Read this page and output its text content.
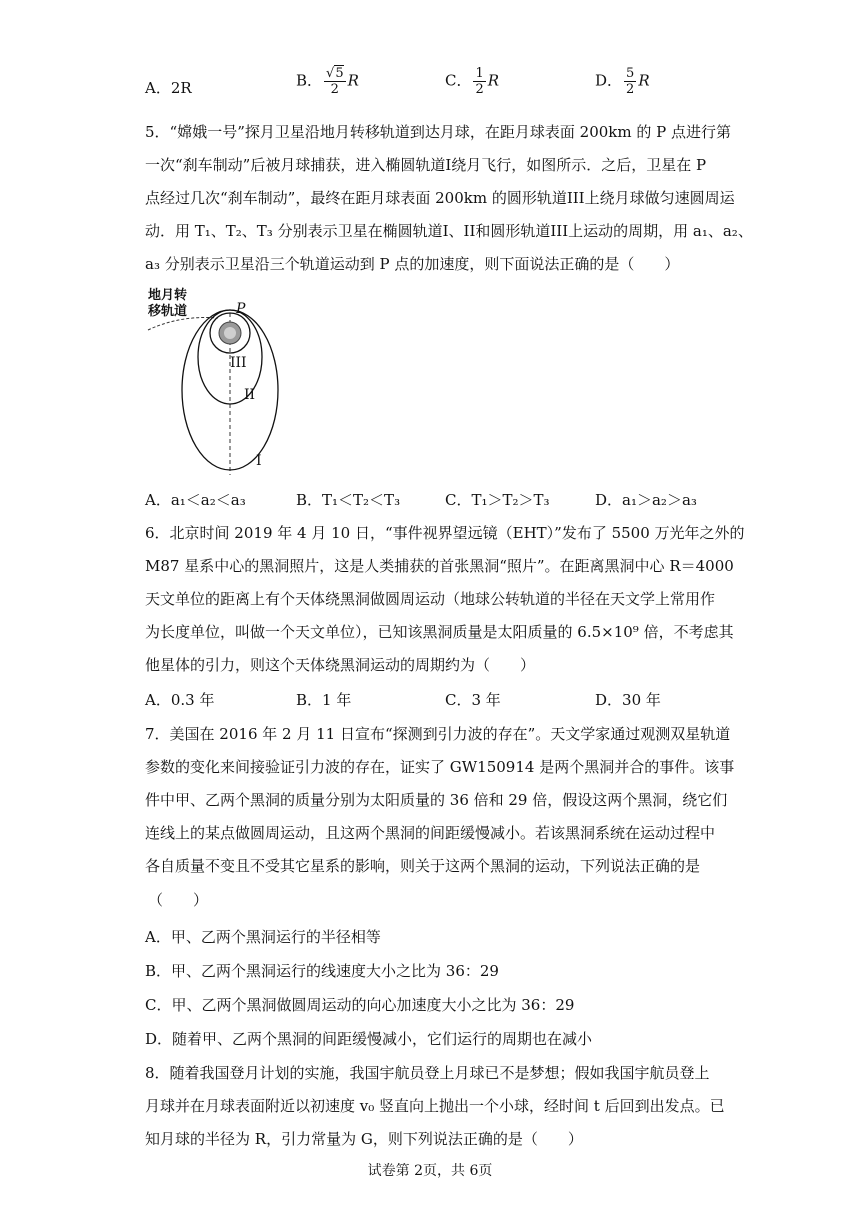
A．2R	B． $\frac{√5}{2}$ R	C． $\frac{1}{2}$ R	D． $\frac{5}{2}$ R
5．“嫦娥一号”探月卫星沿地月转移轨道到达月球，在距月球表面 200km 的 P 点进行第
一次“刹车制动”后被月球捕获，进入椭圆轨道I绕月飞行，如图所示．之后，卫星在 P
点经过几次“刹车制动”，最终在距月球表面 200km 的圆形轨道III上绕月球做匀速圆周运
动．用 T₁、T₂、T₃ 分别表示卫星在椭圆轨道I、II和圆形轨道III上运动的周期，用 a₁、a₂、
a₃ 分别表示卫星沿三个轨道运动到 P 点的加速度，则下面说法正确的是（　　）
地月转
移轨道	P
III
II
I
A．a₁＜a₂＜a₃	B．T₁＜T₂＜T₃	C．T₁＞T₂＞T₃	D．a₁＞a₂＞a₃
6．北京时间 2019 年 4 月 10 日，“事件视界望远镜（EHT）”发布了 5500 万光年之外的
M87 星系中心的黑洞照片，这是人类捕获的首张黑洞“照片”。在距离黑洞中心 R＝4000
天文单位的距离上有个天体绕黑洞做圆周运动（地球公转轨道的半径在天文学上常用作
为长度单位，叫做一个天文单位），已知该黑洞质量是太阳质量的 6.5×10⁹ 倍，不考虑其
他星体的引力，则这个天体绕黑洞运动的周期约为（　　）
A．0.3 年	B．1 年	C．3 年	D．30 年
7．美国在 2016 年 2 月 11 日宣布“探测到引力波的存在”。天文学家通过观测双星轨道
参数的变化来间接验证引力波的存在，证实了 GW150914 是两个黑洞并合的事件。该事
件中甲、乙两个黑洞的质量分别为太阳质量的 36 倍和 29 倍，假设这两个黑洞，绕它们
连线上的某点做圆周运动，且这两个黑洞的间距缓慢减小。若该黑洞系统在运动过程中
各自质量不变且不受其它星系的影响，则关于这两个黑洞的运动，下列说法正确的是
（　　）
A．甲、乙两个黑洞运行的半径相等
B．甲、乙两个黑洞运行的线速度大小之比为 36：29
C．甲、乙两个黑洞做圆周运动的向心加速度大小之比为 36：29
D．随着甲、乙两个黑洞的间距缓慢减小，它们运行的周期也在减小
8．随着我国登月计划的实施，我国宇航员登上月球已不是梦想；假如我国宇航员登上
月球并在月球表面附近以初速度 v₀ 竖直向上抛出一个小球，经时间 t 后回到出发点。已
知月球的半径为 R，引力常量为 G，则下列说法正确的是（　　）
试卷第 2页，共 6页
